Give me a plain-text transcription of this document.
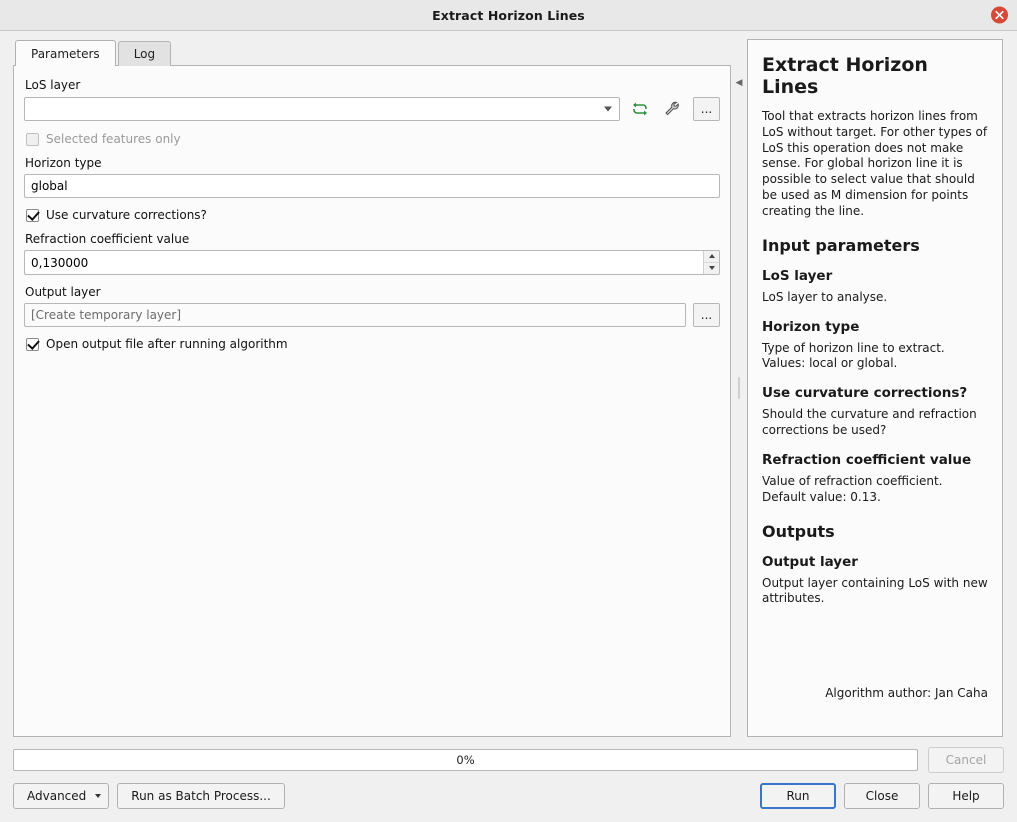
Extract Horizon Lines
Parameters	Log
LoS layer
...
Selected features only
Horizon type
global
Use curvature corrections?
Refraction coefficient value
0,130000
Output layer
[Create temporary layer]	...
Open output file after running algorithm
◀
Extract Horizon Lines

Tool that extracts horizon lines from LoS without target. For other types of LoS this operation does not make sense. For global horizon line it is possible to select value that should be used as M dimension for points creating the line.

Input parameters
LoS layer

LoS layer to analyse.

Horizon type

Type of horizon line to extract. Values: local or global.

Use curvature corrections?

Should the curvature and refraction corrections be used?

Refraction coefficient value

Value of refraction coefficient. Default value: 0.13.

Outputs
Output layer

Output layer containing LoS with new attributes.

Algorithm author: Jan Caha
0%	Cancel
Advanced	Run as Batch Process...	Run	Close	Help
